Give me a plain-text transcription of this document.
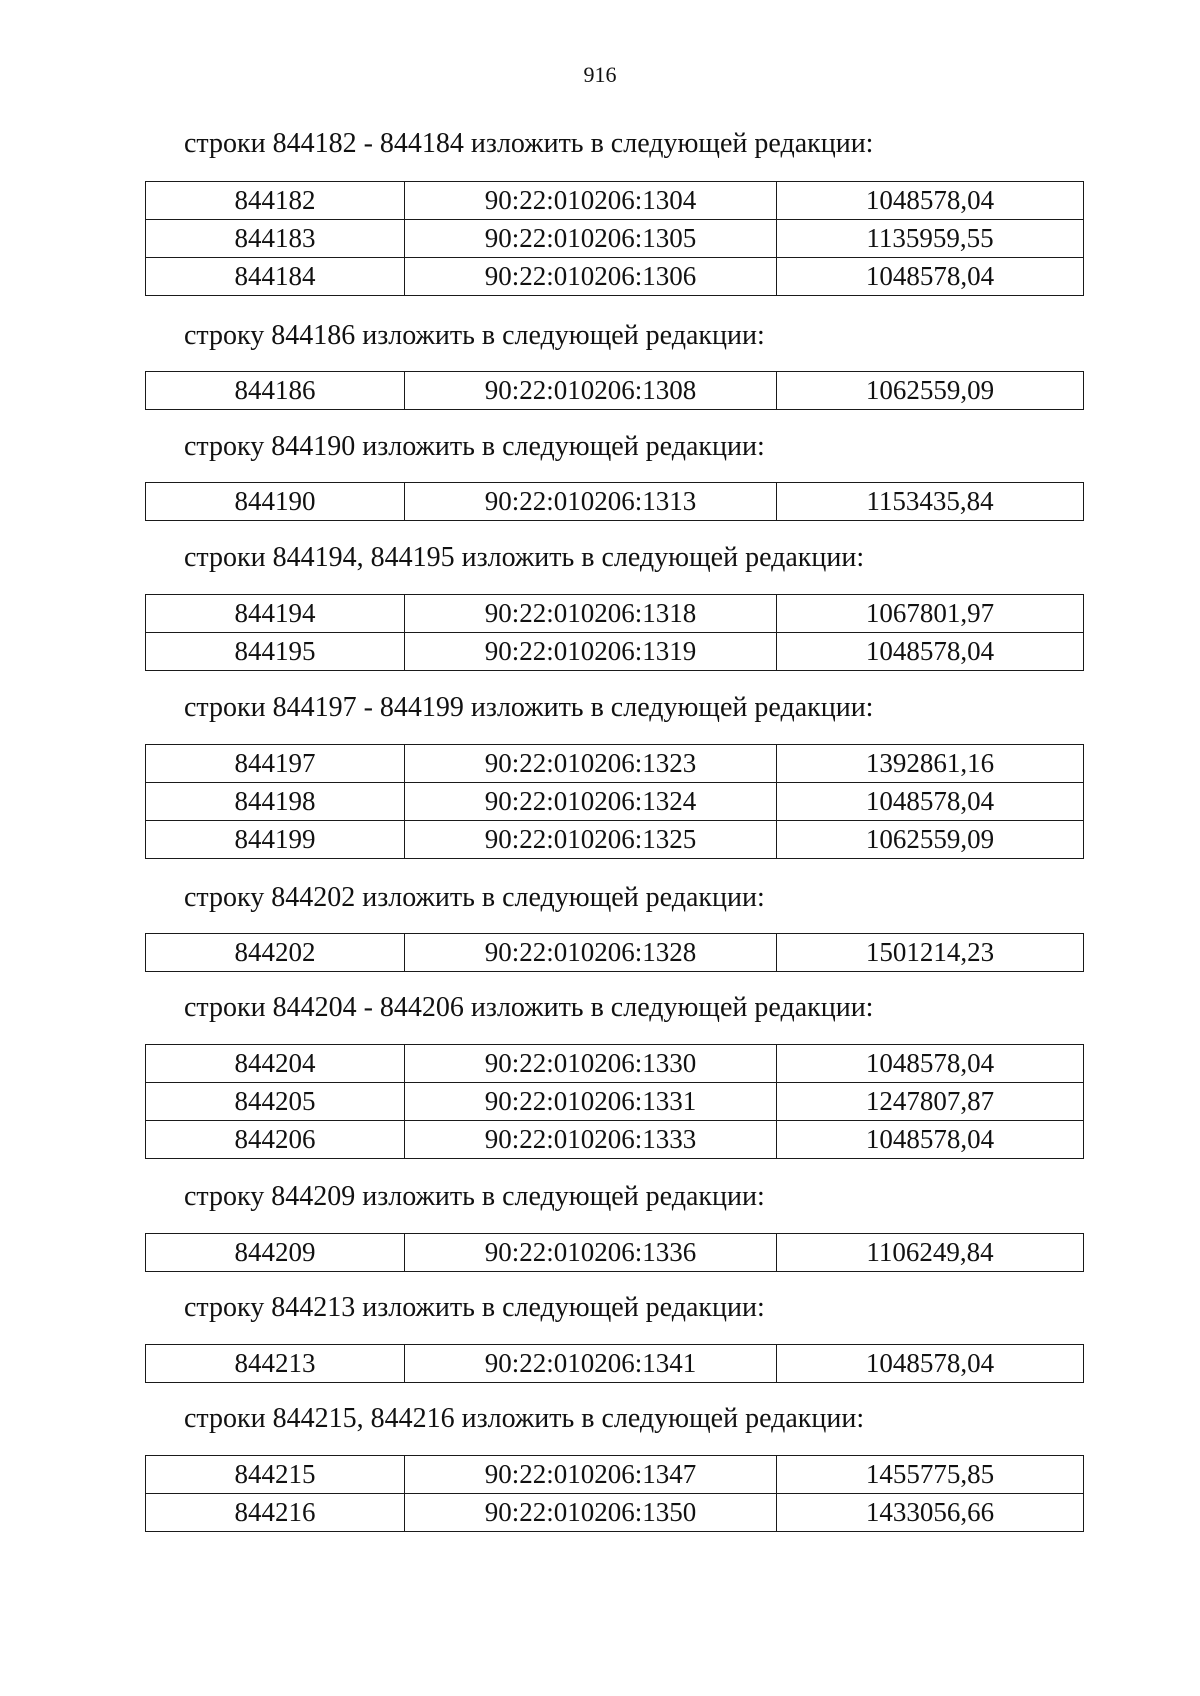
916
строки 844182 - 844184 изложить в следующей редакции:
844182	90:22:010206:1304	1048578,04
844183	90:22:010206:1305	1135959,55
844184	90:22:010206:1306	1048578,04
строку 844186 изложить в следующей редакции:
844186	90:22:010206:1308	1062559,09
строку 844190 изложить в следующей редакции:
844190	90:22:010206:1313	1153435,84
строки 844194, 844195 изложить в следующей редакции:
844194	90:22:010206:1318	1067801,97
844195	90:22:010206:1319	1048578,04
строки 844197 - 844199 изложить в следующей редакции:
844197	90:22:010206:1323	1392861,16
844198	90:22:010206:1324	1048578,04
844199	90:22:010206:1325	1062559,09
строку 844202 изложить в следующей редакции:
844202	90:22:010206:1328	1501214,23
строки 844204 - 844206 изложить в следующей редакции:
844204	90:22:010206:1330	1048578,04
844205	90:22:010206:1331	1247807,87
844206	90:22:010206:1333	1048578,04
строку 844209 изложить в следующей редакции:
844209	90:22:010206:1336	1106249,84
строку 844213 изложить в следующей редакции:
844213	90:22:010206:1341	1048578,04
строки 844215, 844216 изложить в следующей редакции:
844215	90:22:010206:1347	1455775,85
844216	90:22:010206:1350	1433056,66
